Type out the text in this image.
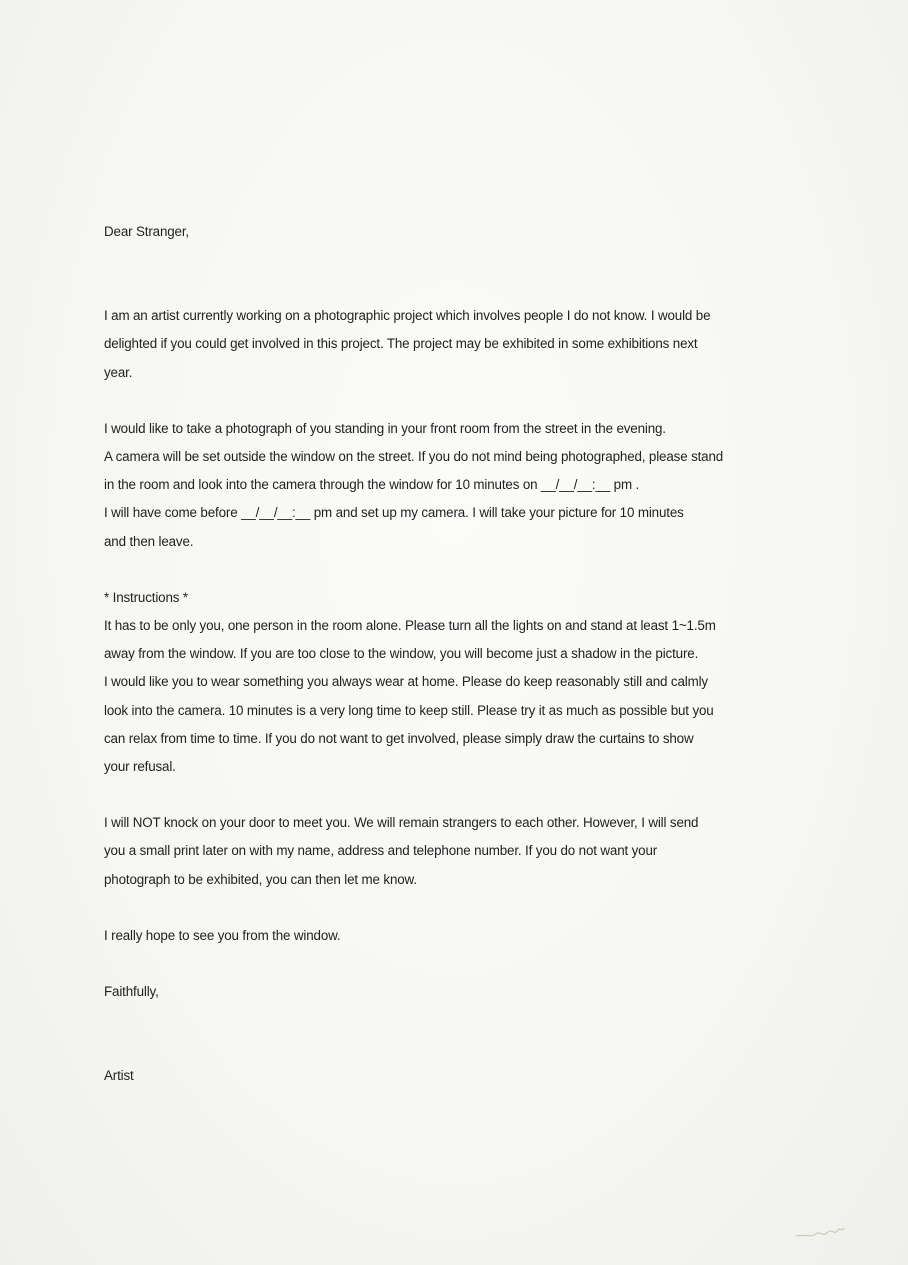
Dear Stranger,

I am an artist currently working on a photographic project which involves people I do not know. I would be

delighted if you could get involved in this project. The project may be exhibited in some exhibitions next

year.

I would like to take a photograph of you standing in your front room from the street in the evening.

A camera will be set outside the window on the street. If you do not mind being photographed, please stand

in the room and look into the camera through the window for 10 minutes on __/__/__:__ pm .

I will have come before __/__/__:__ pm and set up my camera. I will take your picture for 10 minutes

and then leave.

* Instructions *

It has to be only you, one person in the room alone. Please turn all the lights on and stand at least 1~1.5m

away from the window. If you are too close to the window, you will become just a shadow in the picture.

I would like you to wear something you always wear at home. Please do keep reasonably still and calmly

look into the camera. 10 minutes is a very long time to keep still. Please try it as much as possible but you

can relax from time to time. If you do not want to get involved, please simply draw the curtains to show

your refusal.

I will NOT knock on your door to meet you. We will remain strangers to each other. However, I will send

you a small print later on with my name, address and telephone number. If you do not want your

photograph to be exhibited, you can then let me know.

I really hope to see you from the window.

Faithfully,

Artist
